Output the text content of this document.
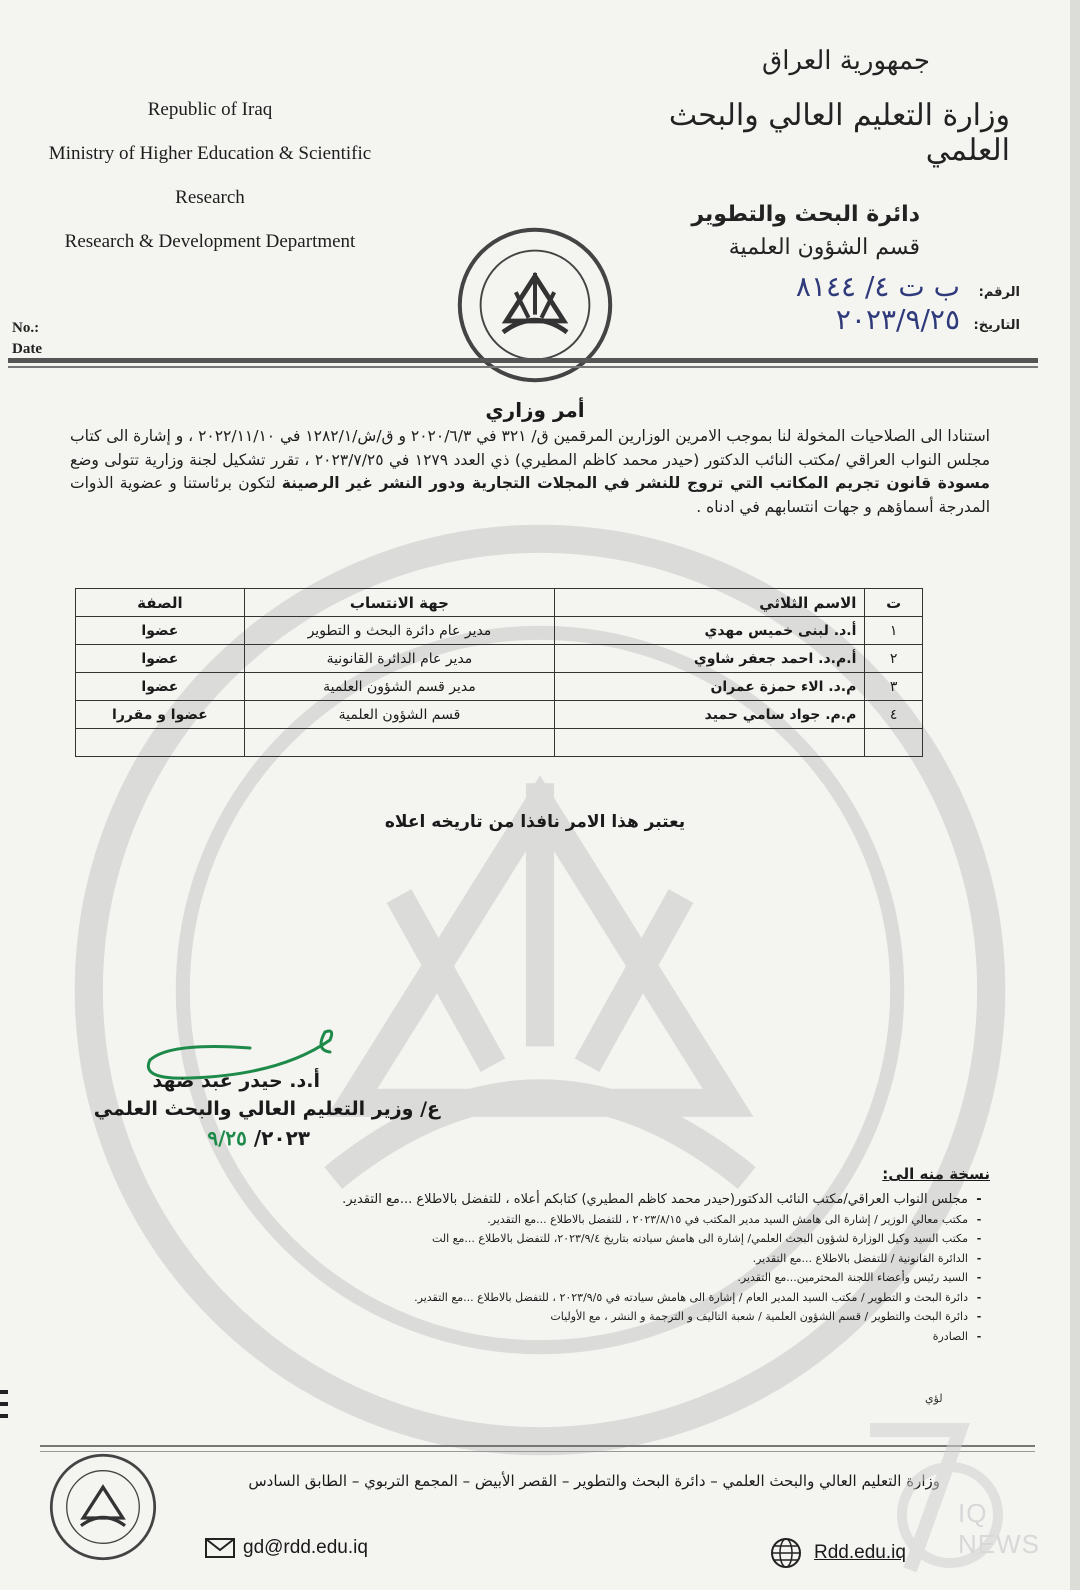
Republic of Iraq
Ministry of Higher Education & Scientific
Research
Research & Development Department
جمهورية العراق
وزارة التعليم العالي والبحث العلمي
دائرة البحث والتطوير
قسم الشؤون العلمية
الرقم:ب ت ٤/ ٨١٤٤
التاريخ:٢٠٢٣/٩/٢٥
No.:
Date
أمر وزاري
استنادا الى الصلاحيات المخولة لنا بموجب الامرين الوزارين المرقمين ق/ ٣٢١ في ٢٠٢٠/٦/٣ و ق/ش/١٢٨٢/١ في ٢٠٢٢/١١/١٠ ، و إشارة الى كتاب مجلس النواب العراقي /مكتب النائب الدكتور (حيدر محمد كاظم المطيري) ذي العدد ١٢٧٩ في ٢٠٢٣/٧/٢٥ ، تقرر تشكيل لجنة وزارية تتولى وضع مسودة قانون تجريم المكاتب التي تروج للنشر في المجلات التجارية ودور النشر غير الرصينة لتكون برئاستنا و عضوية الذوات المدرجة أسماؤهم و جهات انتسابهم في ادناه .
ت	الاسم الثلاثي	جهة الانتساب	الصفة
١	أ.د. لبنى خميس مهدي	مدير عام دائرة البحث و التطوير	عضوا
٢	أ.م.د. احمد جعفر شاوي	مدير عام الدائرة القانونية	عضوا
٣	م.د. الاء حمزة عمران	مدير قسم الشؤون العلمية	عضوا
٤	م.م. جواد سامي حميد	قسم الشؤون العلمية	عضوا و مقررا

يعتبر هذا الامر نافذا من تاريخه اعلاه
أ.د. حيدر عبد ضهد
ع/ وزير التعليم العالي والبحث العلمي
٢٠٢٣/ ٩/٢٥
نسخة منه الى:
- مجلس النواب العراقي/مكتب النائب الدكتور(حيدر محمد كاظم المطيري) كتابكم أعلاه ، للتفضل بالاطلاع ...مع التقدير.
- مكتب معالي الوزير / إشارة الى هامش السيد مدير المكتب في ٢٠٢٣/٨/١٥ ، للتفضل بالاطلاع ...مع التقدير.
- مكتب السيد وكيل الوزارة لشؤون البحث العلمي/ إشارة الى هامش سيادته بتاريخ ٢٠٢٣/٩/٤، للتفضل بالاطلاع ...مع الت
- الدائرة القانونية / للتفضل بالاطلاع ...مع التقدير.
- السيد رئيس وأعضاء اللجنة المحترمين...مع التقدير.
- دائرة البحث و التطوير / مكتب السيد المدير العام / إشارة الى هامش سيادته في ٢٠٢٣/٩/٥ ، للتفضل بالاطلاع ...مع التقدير.
- دائرة البحث والتطوير / قسم الشؤون العلمية / شعبة التاليف و الترجمة و النشر ، مع الأوليات
- الصادرة
لؤي
وزارة التعليم العالي والبحث العلمي – دائرة البحث والتطوير – القصر الأبيض – المجمع التربوي – الطابق السادس
gd@rdd.edu.iq	Rdd.edu.iq
IQ NEWS
